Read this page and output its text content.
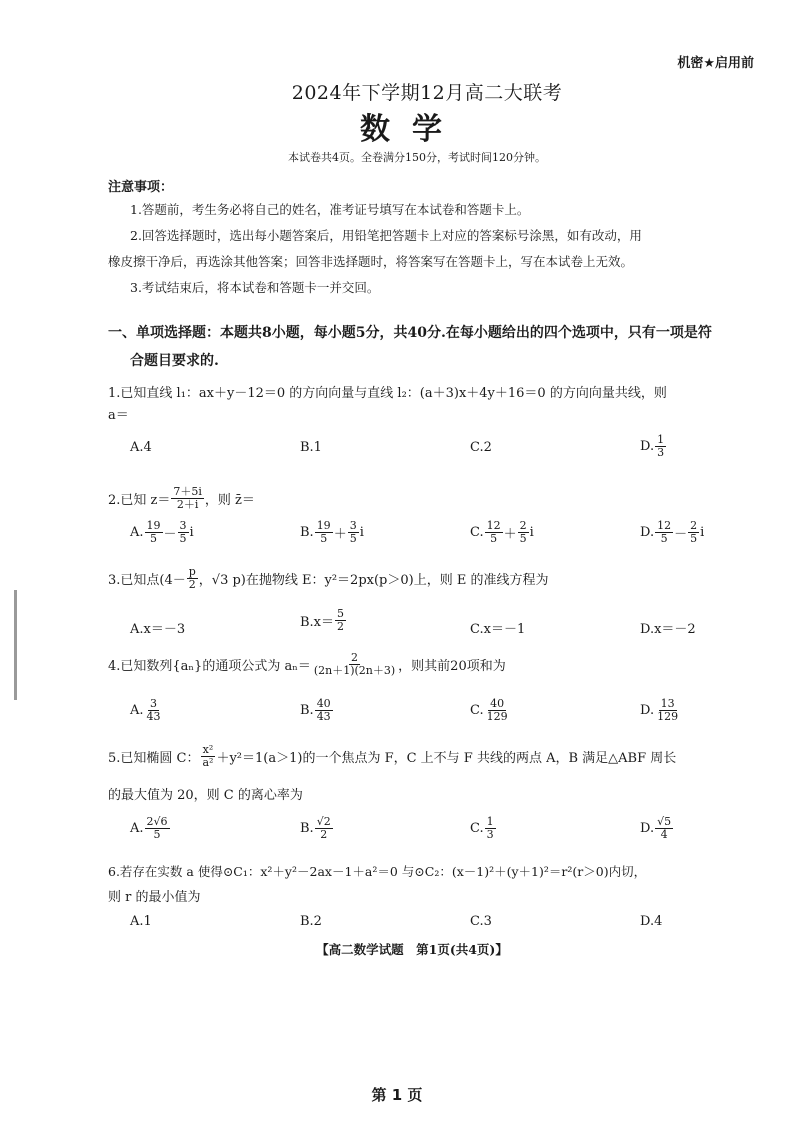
机密★启用前
2024年下学期12月高二大联考
数学
本试卷共4页。全卷满分150分，考试时间120分钟。
注意事项：
1.答题前，考生务必将自己的姓名，准考证号填写在本试卷和答题卡上。
2.回答选择题时，选出每小题答案后，用铅笔把答题卡上对应的答案标号涂黑，如有改动，用
橡皮擦干净后，再选涂其他答案；回答非选择题时，将答案写在答题卡上，写在本试卷上无效。
3.考试结束后，将本试卷和答题卡一并交回。
一、单项选择题：本题共8小题，每小题5分，共40分.在每小题给出的四个选项中，只有一项是符
合题目要求的.
1.已知直线 l₁：ax＋y－12＝0 的方向向量与直线 l₂：(a＋3)x＋4y＋16＝0 的方向向量共线，则
a＝
A.4	B.1	C.2	D. $\frac{1}{3}$
2.已知 $z= \frac{7+5i}{2+i}$ ，则 z̄＝
A. $\frac{19}{5} - \frac{3}{5}$ i	B. $\frac{19}{5} + \frac{3}{5}$ i	C. $\frac{12}{5} + \frac{2}{5}$ i	D. $\frac{12}{5} - \frac{2}{5}$ i
3.已知点($4- \frac{p}{2}$ ，√3 p)在抛物线 E：y²＝2px(p＞0)上，则 E 的准线方程为
A.x＝－3	$B.x= \frac{5}{2}$	C.x＝－1	D.x＝－2
4.已知数列{aₙ}的通项公式为 $a_n= \frac{2}{(2n+1)(2n+3)}$ ，则其前20项和为
A. $\frac{3}{43}$	B. $\frac{40}{43}$	C. $\frac{40}{129}$	D. $\frac{13}{129}$
5.已知椭圆 C： $\frac{\text{x²}}{\text{a²}} +y^2=1(a>1)$的一个焦点为 F，C 上不与 F 共线的两点 A，B 满足△ABF 周长
的最大值为 20，则 C 的离心率为
A. $\frac{2√6}{5}$	B. $\frac{√2}{2}$	C. $\frac{1}{3}$	D. $\frac{√5}{4}$
6.若存在实数 a 使得⊙C₁：x²＋y²－2ax－1＋a²＝0 与⊙C₂：(x－1)²＋(y＋1)²＝r²(r＞0)内切，
则 r 的最小值为
A.1	B.2	C.3	D.4
【高二数学试题　第1页(共4页)】
第 1 页
